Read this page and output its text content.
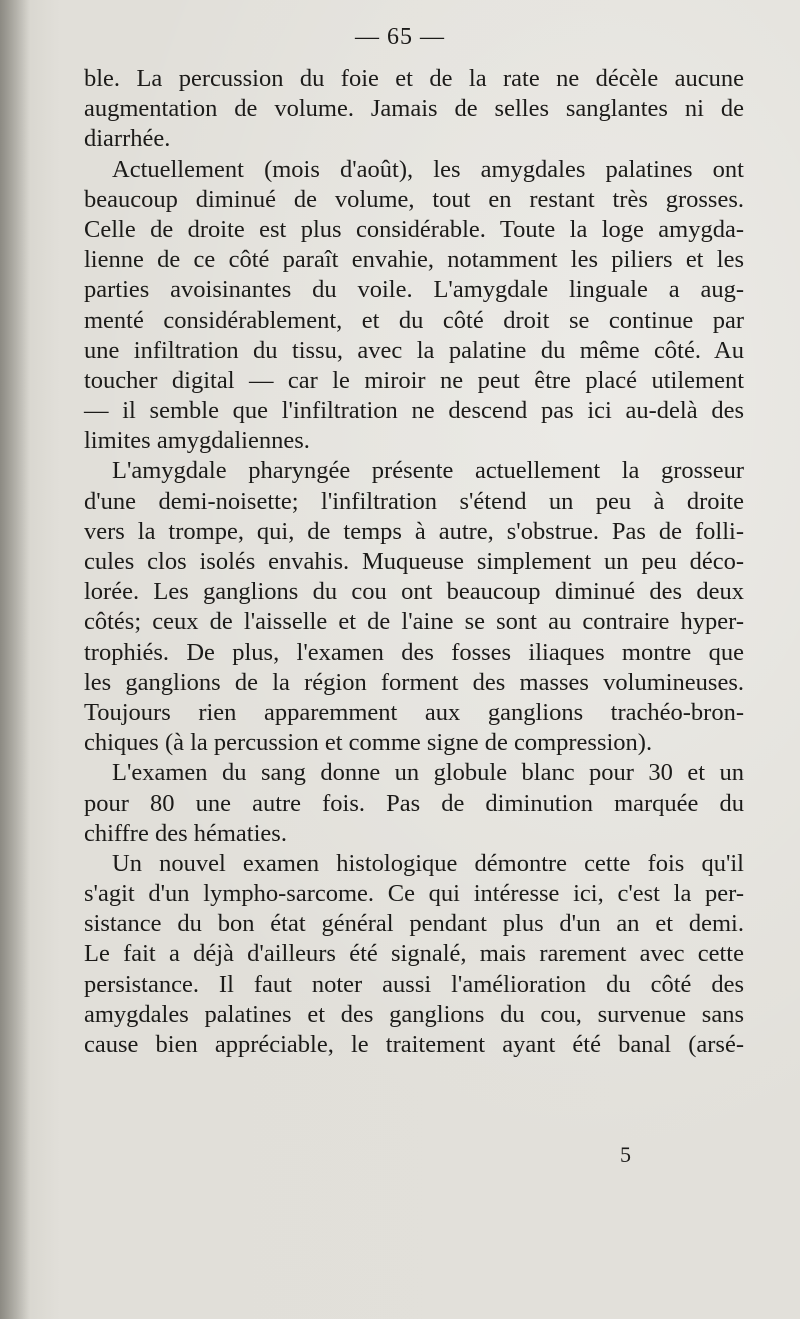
— 65 —
ble. La percussion du foie et de la rate ne décèle aucune
augmentation de volume. Jamais de selles sanglantes ni de
diarrhée.
Actuellement (mois d'août), les amygdales palatines ont
beaucoup diminué de volume, tout en restant très grosses.
Celle de droite est plus considérable. Toute la loge amygda-
lienne de ce côté paraît envahie, notamment les piliers et les
parties avoisinantes du voile. L'amygdale linguale a aug-
menté considérablement, et du côté droit se continue par
une infiltration du tissu, avec la palatine du même côté. Au
toucher digital — car le miroir ne peut être placé utilement
— il semble que l'infiltration ne descend pas ici au-delà des
limites amygdaliennes.
L'amygdale pharyngée présente actuellement la grosseur
d'une demi-noisette; l'infiltration s'étend un peu à droite
vers la trompe, qui, de temps à autre, s'obstrue. Pas de folli-
cules clos isolés envahis. Muqueuse simplement un peu déco-
lorée. Les ganglions du cou ont beaucoup diminué des deux
côtés; ceux de l'aisselle et de l'aine se sont au contraire hyper-
trophiés. De plus, l'examen des fosses iliaques montre que
les ganglions de la région forment des masses volumineuses.
Toujours rien apparemment aux ganglions trachéo-bron-
chiques (à la percussion et comme signe de compression).
L'examen du sang donne un globule blanc pour 30 et un
pour 80 une autre fois. Pas de diminution marquée du
chiffre des hématies.
Un nouvel examen histologique démontre cette fois qu'il
s'agit d'un lympho-sarcome. Ce qui intéresse ici, c'est la per-
sistance du bon état général pendant plus d'un an et demi.
Le fait a déjà d'ailleurs été signalé, mais rarement avec cette
persistance. Il faut noter aussi l'amélioration du côté des
amygdales palatines et des ganglions du cou, survenue sans
cause bien appréciable, le traitement ayant été banal (arsé-
5
